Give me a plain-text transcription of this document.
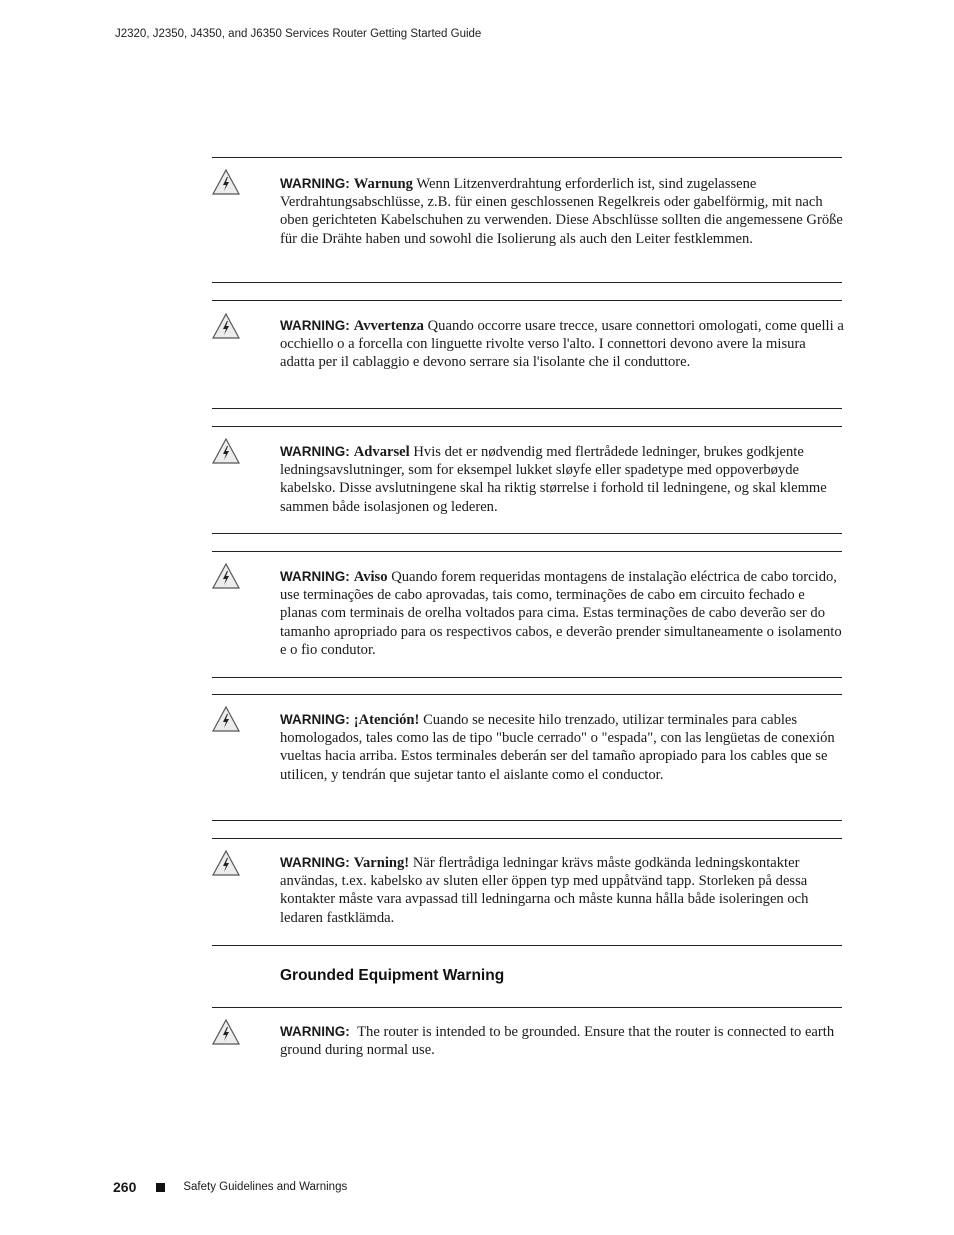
J2320, J2350, J4350, and J6350 Services Router Getting Started Guide
WARNING: Warnung Wenn Litzenverdrahtung erforderlich ist, sind zugelassene Verdrahtungsabschlüsse, z.B. für einen geschlossenen Regelkreis oder gabelförmig, mit nach oben gerichteten Kabelschuhen zu verwenden. Diese Abschlüsse sollten die angemessene Größe für die Drähte haben und sowohl die Isolierung als auch den Leiter festklemmen.
WARNING: Avvertenza Quando occorre usare trecce, usare connettori omologati, come quelli a occhiello o a forcella con linguette rivolte verso l'alto. I connettori devono avere la misura adatta per il cablaggio e devono serrare sia l'isolante che il conduttore.
WARNING: Advarsel Hvis det er nødvendig med flertrådede ledninger, brukes godkjente ledningsavslutninger, som for eksempel lukket sløyfe eller spadetype med oppoverbøyde kabelsko. Disse avslutningene skal ha riktig størrelse i forhold til ledningene, og skal klemme sammen både isolasjonen og lederen.
WARNING: Aviso Quando forem requeridas montagens de instalação eléctrica de cabo torcido, use terminações de cabo aprovadas, tais como, terminações de cabo em circuito fechado e planas com terminais de orelha voltados para cima. Estas terminações de cabo deverão ser do tamanho apropriado para os respectivos cabos, e deverão prender simultaneamente o isolamento e o fio condutor.
WARNING: ¡Atención! Cuando se necesite hilo trenzado, utilizar terminales para cables homologados, tales como las de tipo "bucle cerrado" o "espada", con las lengüetas de conexión vueltas hacia arriba. Estos terminales deberán ser del tamaño apropiado para los cables que se utilicen, y tendrán que sujetar tanto el aislante como el conductor.
WARNING: Varning! När flertrådiga ledningar krävs måste godkända ledningskontakter användas, t.ex. kabelsko av sluten eller öppen typ med uppåtvänd tapp. Storleken på dessa kontakter måste vara avpassad till ledningarna och måste kunna hålla både isoleringen och ledaren fastklämda.
Grounded Equipment Warning
WARNING: The router is intended to be grounded. Ensure that the router is connected to earth ground during normal use.
260	Safety Guidelines and Warnings
